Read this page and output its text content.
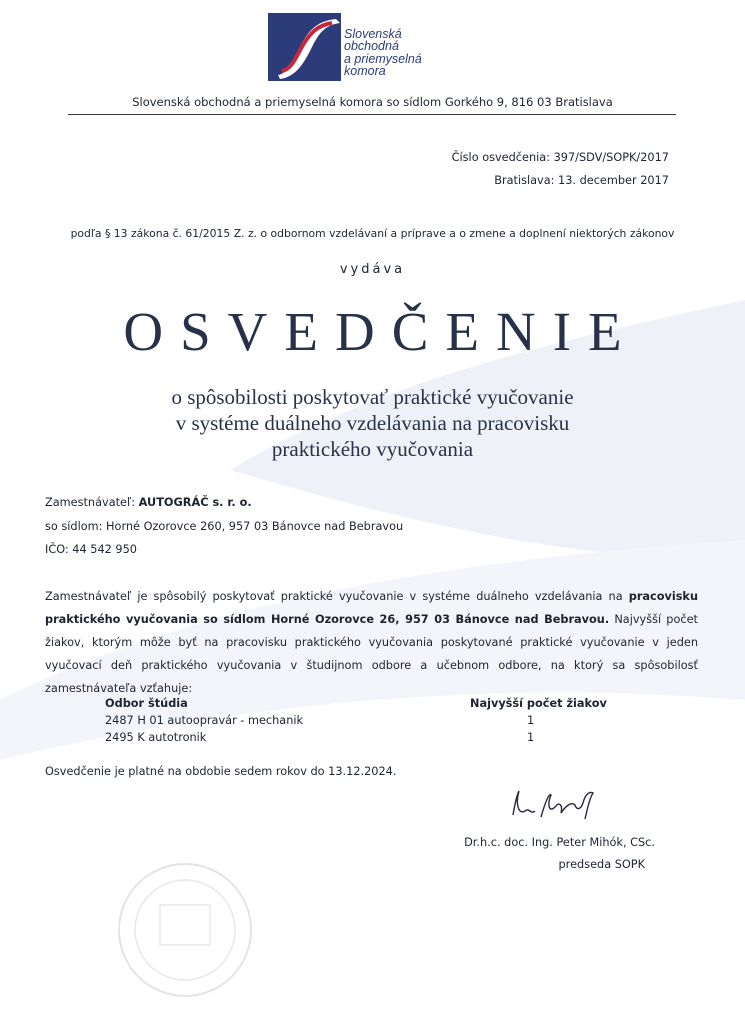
Slovenská
obchodná
a priemyselná
komora
Slovenská obchodná a priemyselná komora so sídlom Gorkého 9, 816 03 Bratislava
Číslo osvedčenia: 397/SDV/SOPK/2017
Bratislava: 13. december 2017
podľa § 13 zákona č. 61/2015 Z. z. o odbornom vzdelávaní a príprave a o zmene a doplnení niektorých zákonov
vydáva
OSVEDČENIE
o spôsobilosti poskytovať praktické vyučovanie
v systéme duálneho vzdelávania na pracovisku
praktického vyučovania
Zamestnávateľ: AUTOGRÁČ s. r. o.
so sídlom: Horné Ozorovce 260, 957 03 Bánovce nad Bebravou
IČO: 44 542 950
Zamestnávateľ je spôsobilý poskytovať praktické vyučovanie v systéme duálneho vzdelávania na pracovisku praktického vyučovania so sídlom Horné Ozorovce 26, 957 03 Bánovce nad Bebravou. Najvyšší počet žiakov, ktorým môže byť na pracovisku praktického vyučovania poskytované praktické vyučovanie v jeden vyučovací deň praktického vyučovania v študijnom odbore a učebnom odbore, na ktorý sa spôsobilosť zamestnávateľa vzťahuje:
Odbor štúdia	Najvyšší počet žiakov
2487 H 01 autoopravár - mechanik	1
2495 K autotronik	1
Osvedčenie je platné na obdobie sedem rokov do 13.12.2024.
Dr.h.c. doc. Ing. Peter Mihók, CSc.
predseda SOPK
